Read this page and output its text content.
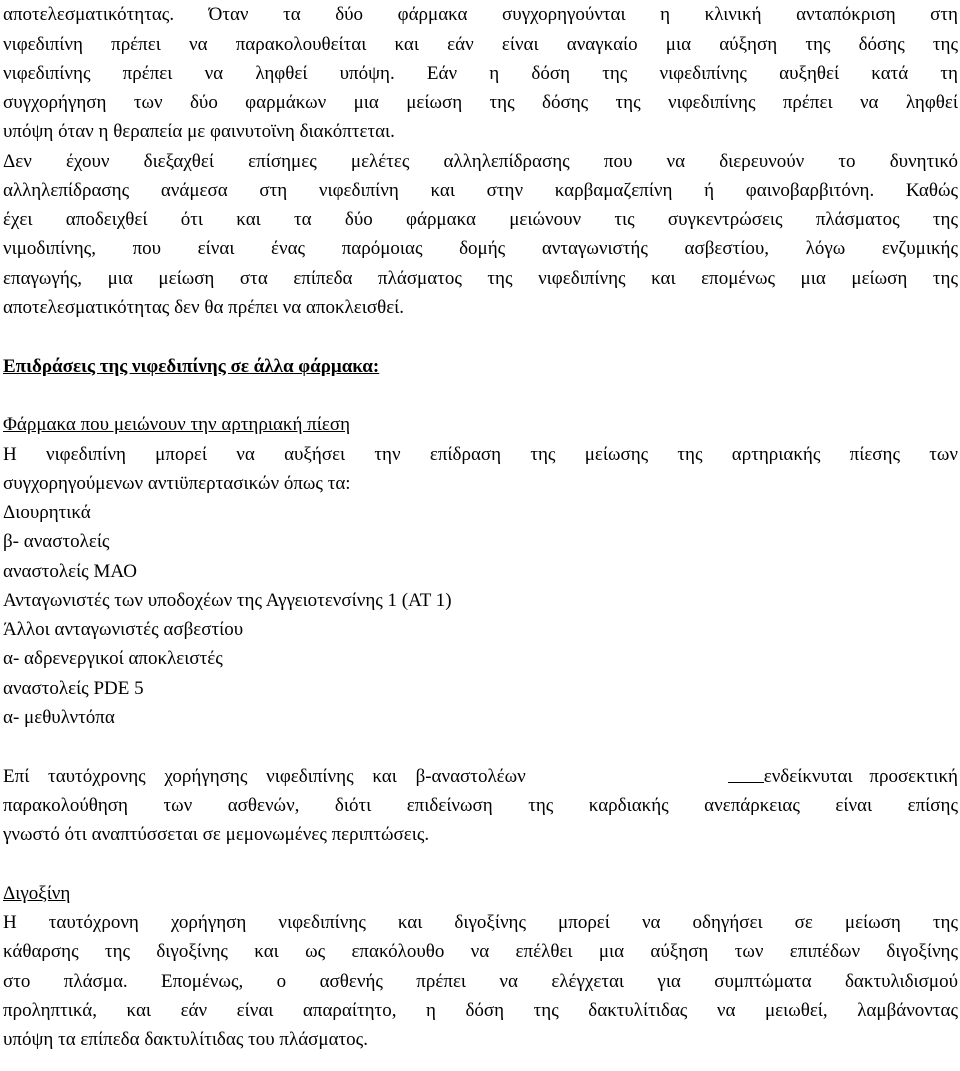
αποτελεσματικότητας. Όταν τα δύο φάρμακα συγχορηγούνται η κλινική ανταπόκριση στη
νιφεδιπίνη πρέπει να παρακολουθείται και εάν είναι αναγκαίο μια αύξηση της δόσης της
νιφεδιπίνης πρέπει να ληφθεί υπόψη. Εάν η δόση της νιφεδιπίνης αυξηθεί κατά τη
συγχορήγηση των δύο φαρμάκων μια μείωση της δόσης της νιφεδιπίνης πρέπει να ληφθεί
υπόψη όταν η θεραπεία με φαινυτοϊνη διακόπτεται.
Δεν έχουν διεξαχθεί επίσημες μελέτες αλληλεπίδρασης που να διερευνούν το δυνητικό
αλληλεπίδρασης ανάμεσα στη νιφεδιπίνη και στην καρβαμαζεπίνη ή φαινοβαρβιτόνη. Καθώς
έχει αποδειχθεί ότι και τα δύο φάρμακα μειώνουν τις συγκεντρώσεις πλάσματος της
νιμοδιπίνης, που είναι ένας παρόμοιας δομής ανταγωνιστής ασβεστίου, λόγω ενζυμικής
επαγωγής, μια μείωση στα επίπεδα πλάσματος της νιφεδιπίνης και επομένως μια μείωση της
αποτελεσματικότητας δεν θα πρέπει να αποκλεισθεί.
Επιδράσεις της νιφεδιπίνης σε άλλα φάρμακα:
Φάρμακα που μειώνουν την αρτηριακή πίεση
Η νιφεδιπίνη μπορεί να αυξήσει την επίδραση της μείωσης της αρτηριακής πίεσης των
συγχορηγούμενων αντιϋπερτασικών όπως τα:
Διουρητικά
β- αναστολείς
αναστολείς ΜΑΟ
Ανταγωνιστές των υποδοχέων της Αγγειοτενσίνης 1 (ΑΤ 1)
Άλλοι ανταγωνιστές ασβεστίου
α- αδρενεργικοί αποκλειστές
αναστολείς PDE 5
α- μεθυλντόπα
Επί ταυτόχρονης χορήγησης νιφεδιπίνης και β-αναστολέων	ενδείκνυται προσεκτική
παρακολούθηση των ασθενών, διότι επιδείνωση της καρδιακής ανεπάρκειας είναι επίσης
γνωστό ότι αναπτύσσεται σε μεμονωμένες περιπτώσεις.
Διγοξίνη
Η ταυτόχρονη χορήγηση νιφεδιπίνης και διγοξίνης μπορεί να οδηγήσει σε μείωση της
κάθαρσης της διγοξίνης και ως επακόλουθο να επέλθει μια αύξηση των επιπέδων διγοξίνης
στο πλάσμα. Επομένως, ο ασθενής πρέπει να ελέγχεται για συμπτώματα δακτυλιδισμού
προληπτικά, και εάν είναι απαραίτητο, η δόση της δακτυλίτιδας να μειωθεί, λαμβάνοντας
υπόψη τα επίπεδα δακτυλίτιδας του πλάσματος.
